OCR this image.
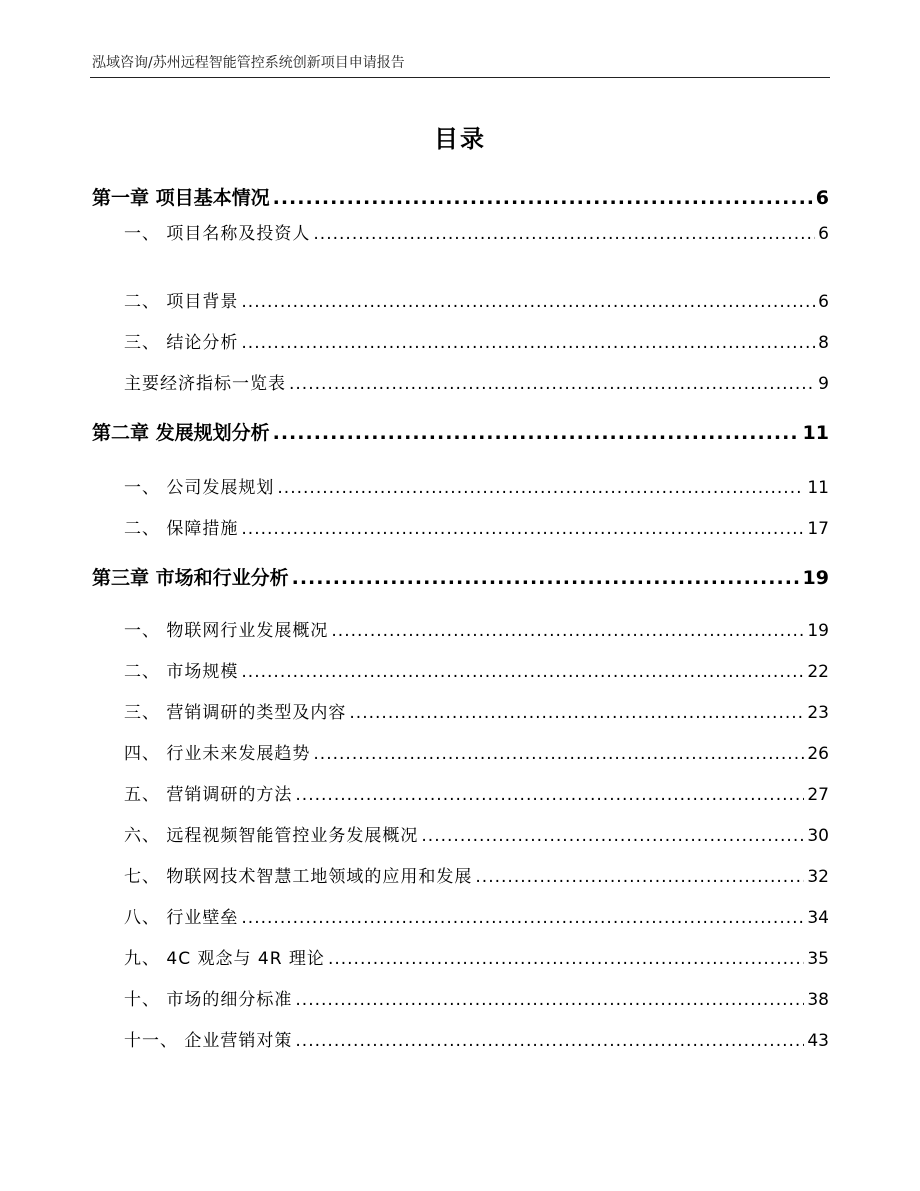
泓域咨询/苏州远程智能管控系统创新项目申请报告
目录
第一章 项目基本情况 .....	6
一、 项目名称及投资人 .....	6
二、 项目背景 .....	6
三、 结论分析 .....	8
主要经济指标一览表 .....	9
第二章 发展规划分析 .....	11
一、 公司发展规划 .....	11
二、 保障措施 .....	17
第三章 市场和行业分析 .....	19
一、 物联网行业发展概况 .....	19
二、 市场规模 .....	22
三、 营销调研的类型及内容 .....	23
四、 行业未来发展趋势 .....	26
五、 营销调研的方法 .....	27
六、 远程视频智能管控业务发展概况 .....	30
七、 物联网技术智慧工地领域的应用和发展 .....	32
八、 行业壁垒 .....	34
九、 4C 观念与 4R 理论 .....	35
十、 市场的细分标准 .....	38
十一、 企业营销对策 .....	43
